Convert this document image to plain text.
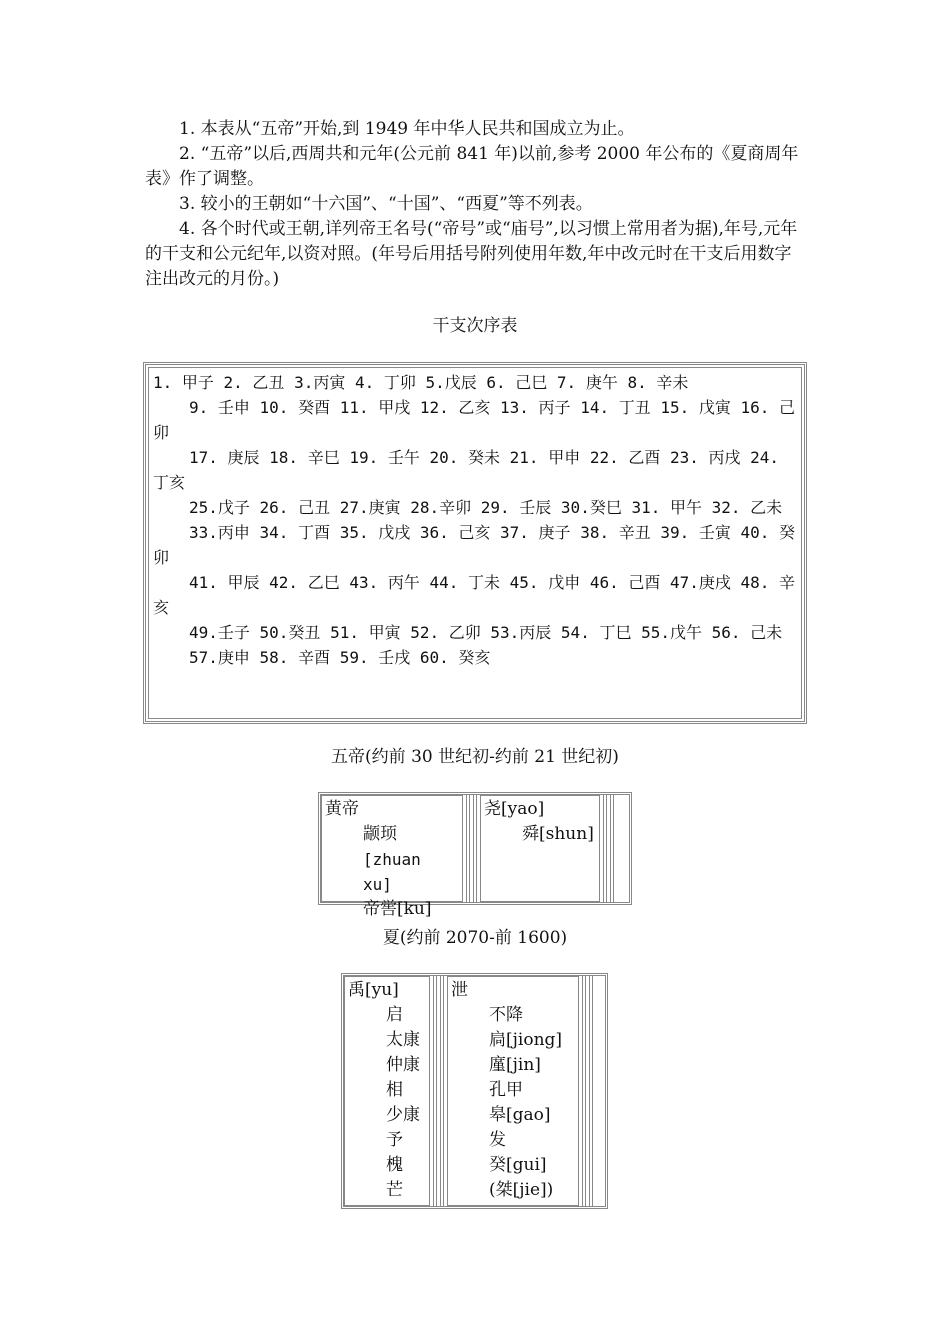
1. 本表从“五帝”开始,到 1949 年中华人民共和国成立为止。

2. “五帝”以后,西周共和元年(公元前 841 年)以前,参考 2000 年公布的《夏商周年表》作了调整。

3. 较小的王朝如“十六国”、“十国”、“西夏”等不列表。

4. 各个时代或王朝,详列帝王名号(“帝号”或“庙号”,以习惯上常用者为据),年号,元年的干支和公元纪年,以资对照。(年号后用括号附列使用年数,年中改元时在干支后用数字注出改元的月份。)

干支次序表
1. 甲子 2. 乙丑 3.丙寅 4. 丁卯 5.戊辰 6. 己巳 7. 庚午 8. 辛未
9. 壬申 10. 癸酉 11. 甲戌 12. 乙亥 13. 丙子 14. 丁丑 15. 戊寅 16. 己卯
17. 庚辰 18. 辛巳 19. 壬午 20. 癸未 21. 甲申 22. 乙酉 23. 丙戌 24. 丁亥
25.戊子 26. 己丑 27.庚寅 28.辛卯 29. 壬辰 30.癸巳 31. 甲午 32. 乙未
33.丙申 34. 丁酉 35. 戊戌 36. 己亥 37. 庚子 38. 辛丑 39. 壬寅 40. 癸卯
41. 甲辰 42. 乙巳 43. 丙午 44. 丁未 45. 戊申 46. 己酉 47.庚戌 48. 辛亥
49.壬子 50.癸丑 51. 甲寅 52. 乙卯 53.丙辰 54. 丁巳 55.戊午 56. 己未
57.庚申 58. 辛酉 59. 壬戌 60. 癸亥
五帝(约前 30 世纪初-约前 21 世纪初)
黄帝
颛顼
[zhuan xu]
帝喾[ku]
尧[yao]
舜[shun]
夏(约前 2070-前 1600)
禹[yu]
启
太康
仲康
相
少康
予
槐
芒
泄
不降
扃[jiong]
廑[jin]
孔甲
皋[gao]
发
癸[gui]
(桀[jie])
